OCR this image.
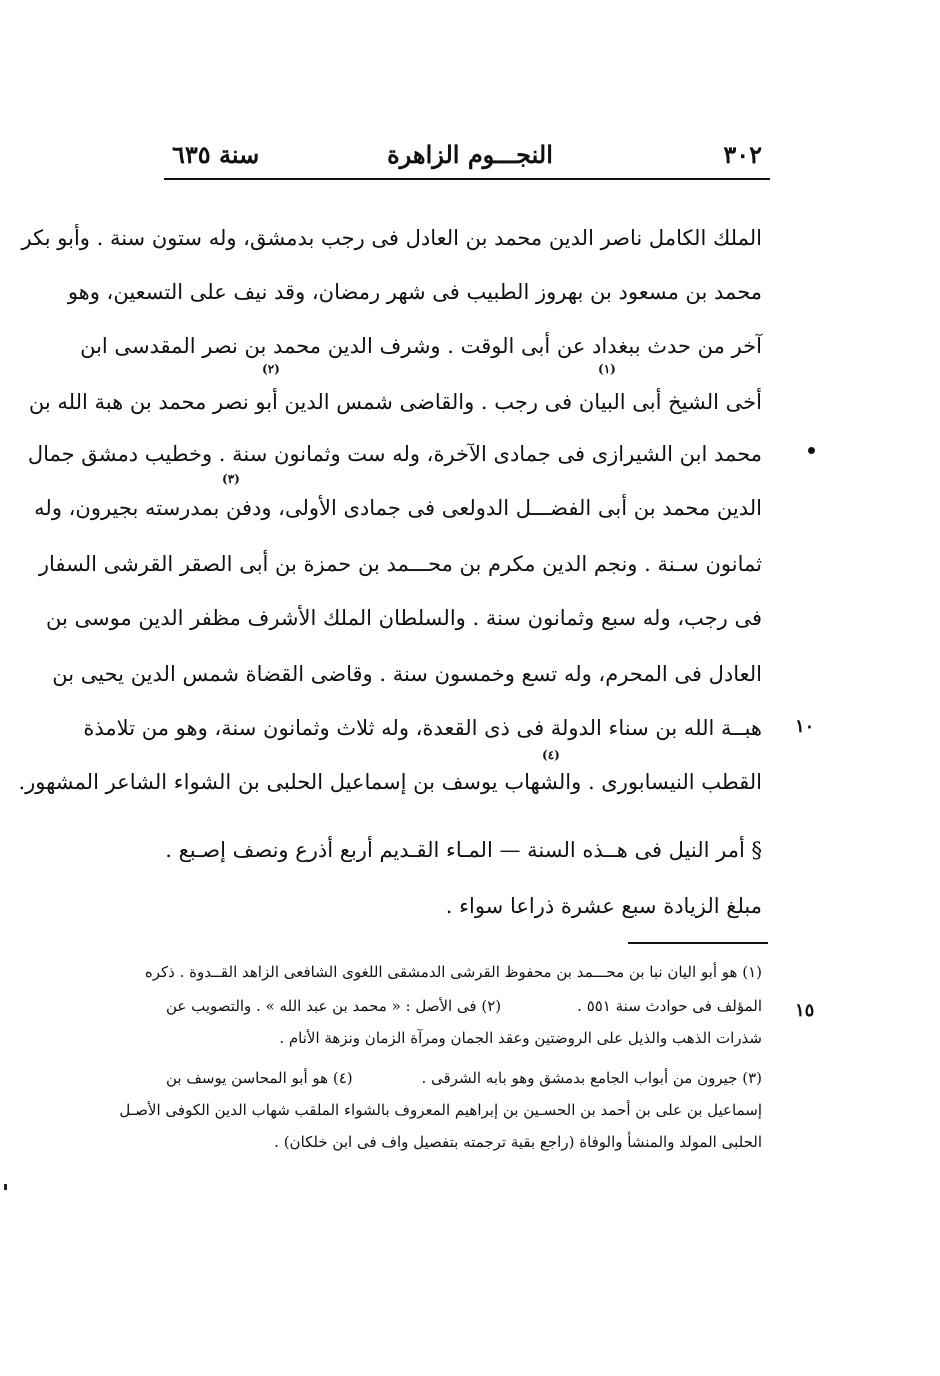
٣٠٢
النجـــوم الزاهرة
سنة ٦٣٥
الملك الكامل ناصر الدين محمد بن العادل فى رجب بدمشق، وله ستون سنة . وأبو بكر
محمد بن مسعود بن بهروز الطبيب فى شهر رمضان، وقد نيف على التسعين، وهو
آخر من حدث ببغداد عن أبى الوقت . وشرف الدين محمد بن نصر المقدسى ابن
(١)
(٢)
أخى الشيخ أبى البيان فى رجب . والقاضى شمس الدين أبو نصر محمد بن هبة الله بن
محمد ابن الشيرازى فى جمادى الآخرة، وله ست وثمانون سنة . وخطيب دمشق جمال
(٣)
الدين محمد بن أبى الفضـــل الدولعى فى جمادى الأولى، ودفن بمدرسته بجيرون، وله
ثمانون سـنة . ونجم الدين مكرم بن محـــمد بن حمزة بن أبى الصقر القرشى السفار
فى رجب، وله سبع وثمانون سنة . والسلطان الملك الأشرف مظفر الدين موسى بن
العادل فى المحرم، وله تسع وخمسون سنة . وقاضى القضاة شمس الدين يحيى بن
١٠
هبــة الله بن سناء الدولة فى ذى القعدة، وله ثلاث وثمانون سنة، وهو من تلامذة
(٤)
القطب النيسابورى . والشهاب يوسف بن إسماعيل الحلبى بن الشواء الشاعر المشهور.
§ أمر النيل فى هــذه السنة — المـاء القـديم أربع أذرع ونصف إصـبع .
مبلغ الزيادة سبع عشرة ذراعا سواء .
(١) هو أبو اليان نبا بن محـــمد بن محفوظ القرشى الدمشقى اللغوى الشافعى الزاهد القــدوة . ذكره
١٥
المؤلف فى حوادث سنة ٥٥١ .
(٢) فى الأصل : « محمد بن عبد الله » . والتصويب عن
شذرات الذهب والذيل على الروضتين وعقد الجمان ومرآة الزمان ونزهة الأنام .
(٣) جيرون من أبواب الجامع بدمشق وهو بابه الشرقى .
(٤) هو أبو المحاسن يوسف بن
إسماعيل بن على بن أحمد بن الحسـين بن إبراهيم المعروف بالشواء الملقب شهاب الدين الكوفى الأصـل
الحلبى المولد والمنشأ والوفاة (راجع بقية ترجمته بتفصيل واف فى ابن خلكان) .
